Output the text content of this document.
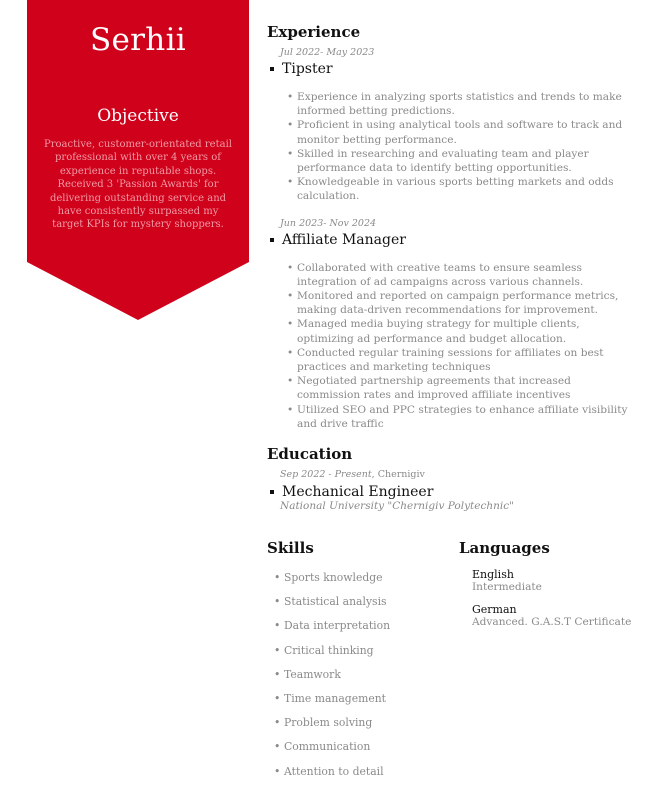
Serhii
Objective
Proactive, customer-orientated retail professional with over 4 years of experience in reputable shops. Received 3 'Passion Awards' for delivering outstanding service and have consistently surpassed my target KPIs for mystery shoppers.
Experience
Jul 2022- May 2023
Tipster
• Experience in analyzing sports statistics and trends to make informed betting predictions.
• Proficient in using analytical tools and software to track and monitor betting performance.
• Skilled in researching and evaluating team and player performance data to identify betting opportunities.
• Knowledgeable in various sports betting markets and odds calculation.
Jun 2023- Nov 2024
Affiliate Manager
• Collaborated with creative teams to ensure seamless integration of ad campaigns across various channels.
• Monitored and reported on campaign performance metrics, making data-driven recommendations for improvement.
• Managed media buying strategy for multiple clients, optimizing ad performance and budget allocation.
• Conducted regular training sessions for affiliates on best practices and marketing techniques
• Negotiated partnership agreements that increased commission rates and improved affiliate incentives
• Utilized SEO and PPC strategies to enhance affiliate visibility and drive traffic
Education
Sep 2022 - Present, Chernigiv
Mechanical Engineer
National University "Chernigiv Polytechnic"
Skills
• Sports knowledge
• Statistical analysis
• Data interpretation
• Critical thinking
• Teamwork
• Time management
• Problem solving
• Communication
• Attention to detail
Languages
English
Intermediate
German
Advanced. G.A.S.T Certificate
